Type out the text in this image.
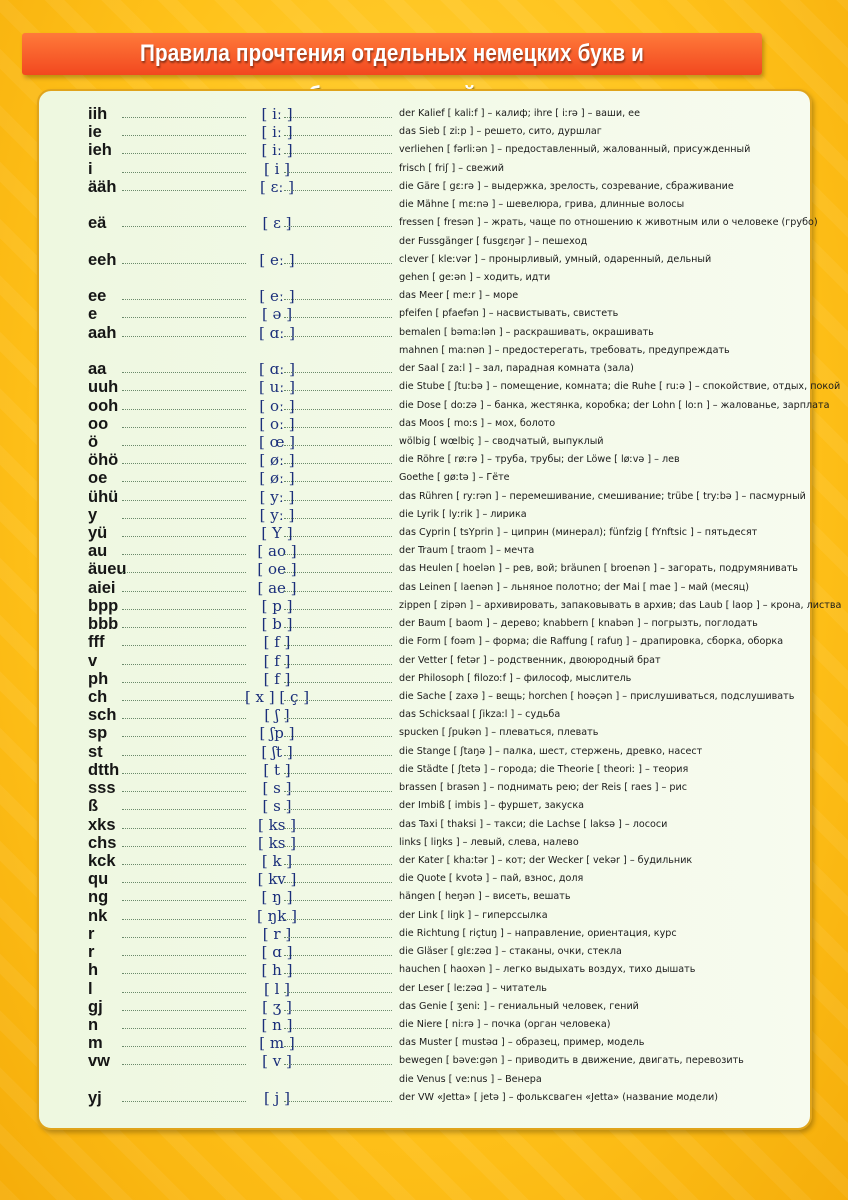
Правила прочтения отдельных немецких букв и
iih	[ iː ]	der Kalief [ kaliːf ] – калиф; ihre [ iːrə ] – ваши, ее
ie	[ iː ]	das Sieb [ ziːp ] – решето, сито, дуршлаг
ieh	[ iː ]	verliehen [ fərliːən ] – предоставленный, жалованный, присужденный
i	[ i ]	frisch [ friʃ ] – свежий
ääh	[ ɛː ]	die Gäre [ gɛːrə ] – выдержка, зрелость, созревание, сбраживание
die Mähne [ mɛːnə ] – шевелюра, грива, длинные волосы
eä	[ ɛ ]	fressen [ fresən ] – жрать, чаще по отношению к животным или о человеке (грубо)
der Fussgänger [ fusgɛŋər ] – пешеход
eeh	[ eː ]	clever [ kleːvər ] – пронырливый, умный, одаренный, дельный
gehen [ geːən ] – ходить, идти
ee	[ eː ]	das Meer [ meːr ] – море
e	[ ə ]	pfeifen [ pfaefən ] – насвистывать, свистеть
aah	[ ɑː ]	bemalen [ bəmaːlən ] – раскрашивать, окрашивать
mahnen [ maːnən ] – предостерегать, требовать, предупреждать
aa	[ ɑː ]	der Saal [ zaːl ] – зал, парадная комната (зала)
uuh	[ uː ]	die Stube [ ʃtuːbə ] – помещение, комната; die Ruhe [ ruːə ] – спокойствие, отдых, покой
ooh	[ oː ]	die Dose [ doːzə ] – банка, жестянка, коробка; der Lohn [ loːn ] – жалованье, зарплата
oo	[ oː ]	das Moos [ moːs ] – мох, болото
ö	[ œ ]	wölbig [ wœlbiç ] – сводчатый, выпуклый
öhö	[ øː ]	die Röhre [ røːrə ] – труба, трубы; der Löwe [ løːvə ] – лев
oe	[ øː ]	Goethe [ gøːtə ] – Гёте
ühü	[ yː ]	das Rühren [ ryːrən ] – перемешивание, смешивание; trübe [ tryːbə ] – пасмурный
y	[ yː ]	die Lyrik [ lyːrik ] – лирика
yü	[ Y ]	das Cyprin [ tsYprin ] – циприн (минерал); fünfzig [ fYnftsic ] – пятьдесят
au	[ ao ]	der Traum [ traom ] – мечта
äueu	[ oe ]	das Heulen [ hoelən ] – рев, вой; bräunen [ broenən ] – загорать, подрумянивать
aiei	[ ae ]	das Leinen [ laenən ] – льняное полотно; der Mai [ mae ] – май (месяц)
bpp	[ p ]	zippen [ zipən ] – архивировать, запаковывать в архив; das Laub [ laop ] – крона, листва
bbb	[ b ]	der Baum [ baom ] – дерево; knabbern [ knabən ] – погрызть, поглодать
fff	[ f ]	die Form [ foəm ] – форма; die Raffung [ rafuŋ ] – драпировка, сборка, оборка
v	[ f ]	der Vetter [ fetər ] – родственник, двоюродный брат
ph	[ f ]	der Philosoph [ filozoːf ] – философ, мыслитель
ch	[ x ] [ ç ]	die Sache [ zaxə ] – вещь; horchen [ hoəçən ] – прислушиваться, подслушивать
sch	[ ʃ ]	das Schicksaal [ ʃikzaːl ] – судьба
sp	[ ʃp ]	spucken [ ʃpukən ] – плеваться, плевать
st	[ ʃt ]	die Stange [ ʃtaŋə ] – палка, шест, стержень, древко, насест
dtth	[ t ]	die Städte [ ʃtetə ] – города; die Theorie [ theoriː ] – теория
sss	[ s ]	brassen [ brasən ] – поднимать рею; der Reis [ raes ] – рис
ß	[ s ]	der Imbiß [ imbis ] – фуршет, закуска
xks	[ ks ]	das Taxi [ thaksi ] – такси; die Lachse [ laksə ] – лососи
chs	[ ks ]	links [ liŋks ] – левый, слева, налево
kck	[ k ]	der Kater [ khaːtər ] – кот; der Wecker [ vekər ] – будильник
qu	[ kv ]	die Quote [ kvotə ] – пай, взнос, доля
ng	[ ŋ ]	hängen [ heŋən ] – висеть, вешать
nk	[ ŋk ]	der Link [ liŋk ] – гиперссылка
r	[ r ]	die Richtung [ riçtuŋ ] – направление, ориентация, курс
r	[ ɑ ]	die Gläser [ glɛːzəɑ ] – стаканы, очки, стекла
h	[ h ]	hauchen [ haoxən ] – легко выдыхать воздух, тихо дышать
l	[ l ]	der Leser [ leːzəɑ ] – читатель
gj	[ ʒ ]	das Genie [ ʒeniː ] – гениальный человек, гений
n	[ n ]	die Niere [ niːrə ] – почка (орган человека)
m	[ m ]	das Muster [ mustəɑ ] – образец, пример, модель
vw	[ v ]	bewegen [ bəveːgən ] – приводить в движение, двигать, перевозить
die Venus [ veːnus ] – Венера
yj	[ j ]	der VW «Jetta» [ jetə ] – фольксваген «Jetta» (название модели)
